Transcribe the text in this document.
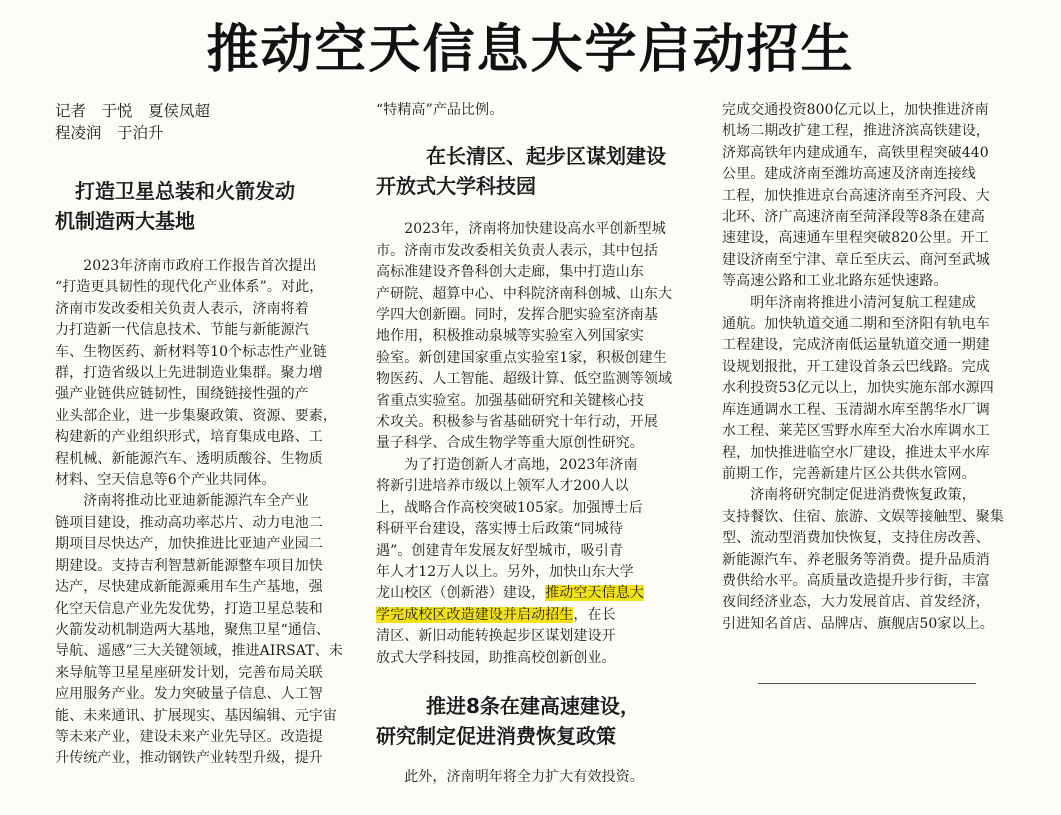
推动空天信息大学启动招生

记者　于悦　夏侯凤超
程凌润　于泊升

打造卫星总装和火箭发动
机制造两大基地

　　2023年济南市政府工作报告首次提出
“打造更具韧性的现代化产业体系”。对此，
济南市发改委相关负责人表示，济南将着
力打造新一代信息技术、节能与新能源汽
车、生物医药、新材料等10个标志性产业链
群，打造省级以上先进制造业集群。聚力增
强产业链供应链韧性，围绕链接性强的产
业头部企业，进一步集聚政策、资源、要素，
构建新的产业组织形式，培育集成电路、工
程机械、新能源汽车、透明质酸谷、生物质
材料、空天信息等6个产业共同体。

　　济南将推动比亚迪新能源汽车全产业
链项目建设，推动高功率芯片、动力电池二
期项目尽快达产，加快推进比亚迪产业园二
期建设。支持吉利智慧新能源整车项目加快
达产，尽快建成新能源乘用车生产基地，强
化空天信息产业先发优势，打造卫星总装和
火箭发动机制造两大基地，聚焦卫星“通信、
导航、遥感”三大关键领域，推进AIRSAT、未
来导航等卫星星座研发计划，完善布局关联
应用服务产业。发力突破量子信息、人工智
能、未来通讯、扩展现实、基因编辑、元宇宙
等未来产业，建设未来产业先导区。改造提
升传统产业，推动钢铁产业转型升级，提升

“特精高”产品比例。

在长清区、起步区谋划建设
开放式大学科技园

　　2023年，济南将加快建设高水平创新型城
市。济南市发改委相关负责人表示，其中包括
高标准建设齐鲁科创大走廊，集中打造山东
产研院、超算中心、中科院济南科创城、山东大
学四大创新圈。同时，发挥合肥实验室济南基
地作用，积极推动泉城等实验室入列国家实
验室。新创建国家重点实验室1家，积极创建生
物医药、人工智能、超级计算、低空监测等领域
省重点实验室。加强基础研究和关键核心技
术攻关。积极参与省基础研究十年行动，开展
量子科学、合成生物学等重大原创性研究。

　　为了打造创新人才高地，2023年济南
将新引进培养市级以上领军人才200人以
上，战略合作高校突破105家。加强博士后
科研平台建设，落实博士后政策“同城待
遇”。创建青年发展友好型城市，吸引青
年人才12万人以上。另外，加快山东大学
龙山校区（创新港）建设，推动空天信息大
学完成校区改造建设并启动招生，在长
清区、新旧动能转换起步区谋划建设开
放式大学科技园，助推高校创新创业。

推进8条在建高速建设，
研究制定促进消费恢复政策

　　此外，济南明年将全力扩大有效投资。

完成交通投资800亿元以上，加快推进济南
机场二期改扩建工程，推进济滨高铁建设，
济郑高铁年内建成通车，高铁里程突破440
公里。建成济南至潍坊高速及济南连接线
工程，加快推进京台高速济南至齐河段、大
北环、济广高速济南至菏泽段等8条在建高
速建设，高速通车里程突破820公里。开工
建设济南至宁津、章丘至庆云、商河至武城
等高速公路和工业北路东延快速路。

　　明年济南将推进小清河复航工程建成
通航。加快轨道交通二期和至济阳有轨电车
工程建设，完成济南低运量轨道交通一期建
设规划报批，开工建设首条云巴线路。完成
水利投资53亿元以上，加快实施东部水源四
库连通调水工程、玉清湖水库至鹊华水厂调
水工程、莱芜区雪野水库至大冶水库调水工
程，加快推进临空水厂建设，推进太平水库
前期工作，完善新建片区公共供水管网。

　　济南将研究制定促进消费恢复政策，
支持餐饮、住宿、旅游、文娱等接触型、聚集
型、流动型消费加快恢复，支持住房改善、
新能源汽车、养老服务等消费。提升品质消
费供给水平。高质量改造提升步行街，丰富
夜间经济业态，大力发展首店、首发经济，
引进知名首店、品牌店、旗舰店50家以上。
